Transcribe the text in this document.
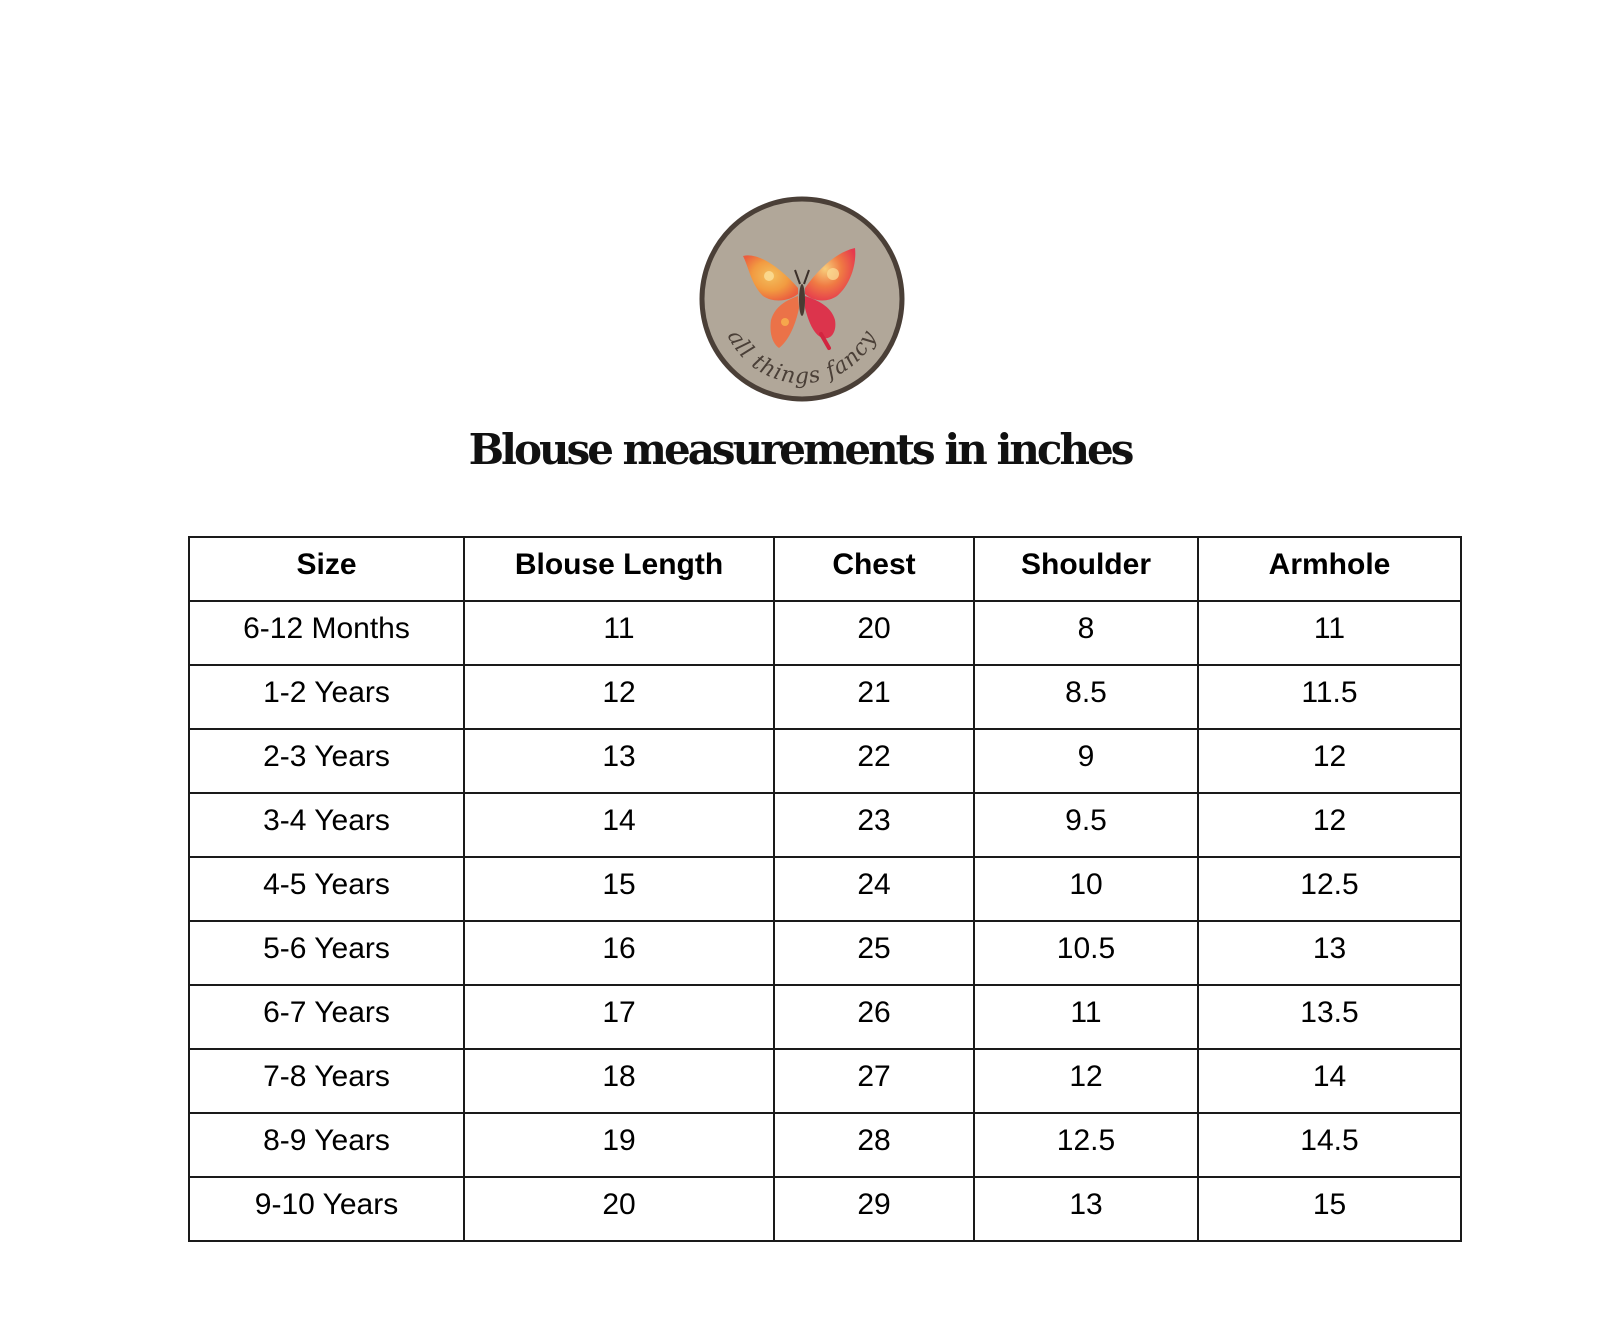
all things fancy
Blouse measurements in inches
Size	Blouse Length	Chest	Shoulder	Armhole
6-12 Months	11	20	8	11
1-2 Years	12	21	8.5	11.5
2-3 Years	13	22	9	12
3-4 Years	14	23	9.5	12
4-5 Years	15	24	10	12.5
5-6 Years	16	25	10.5	13
6-7 Years	17	26	11	13.5
7-8 Years	18	27	12	14
8-9 Years	19	28	12.5	14.5
9-10 Years	20	29	13	15
